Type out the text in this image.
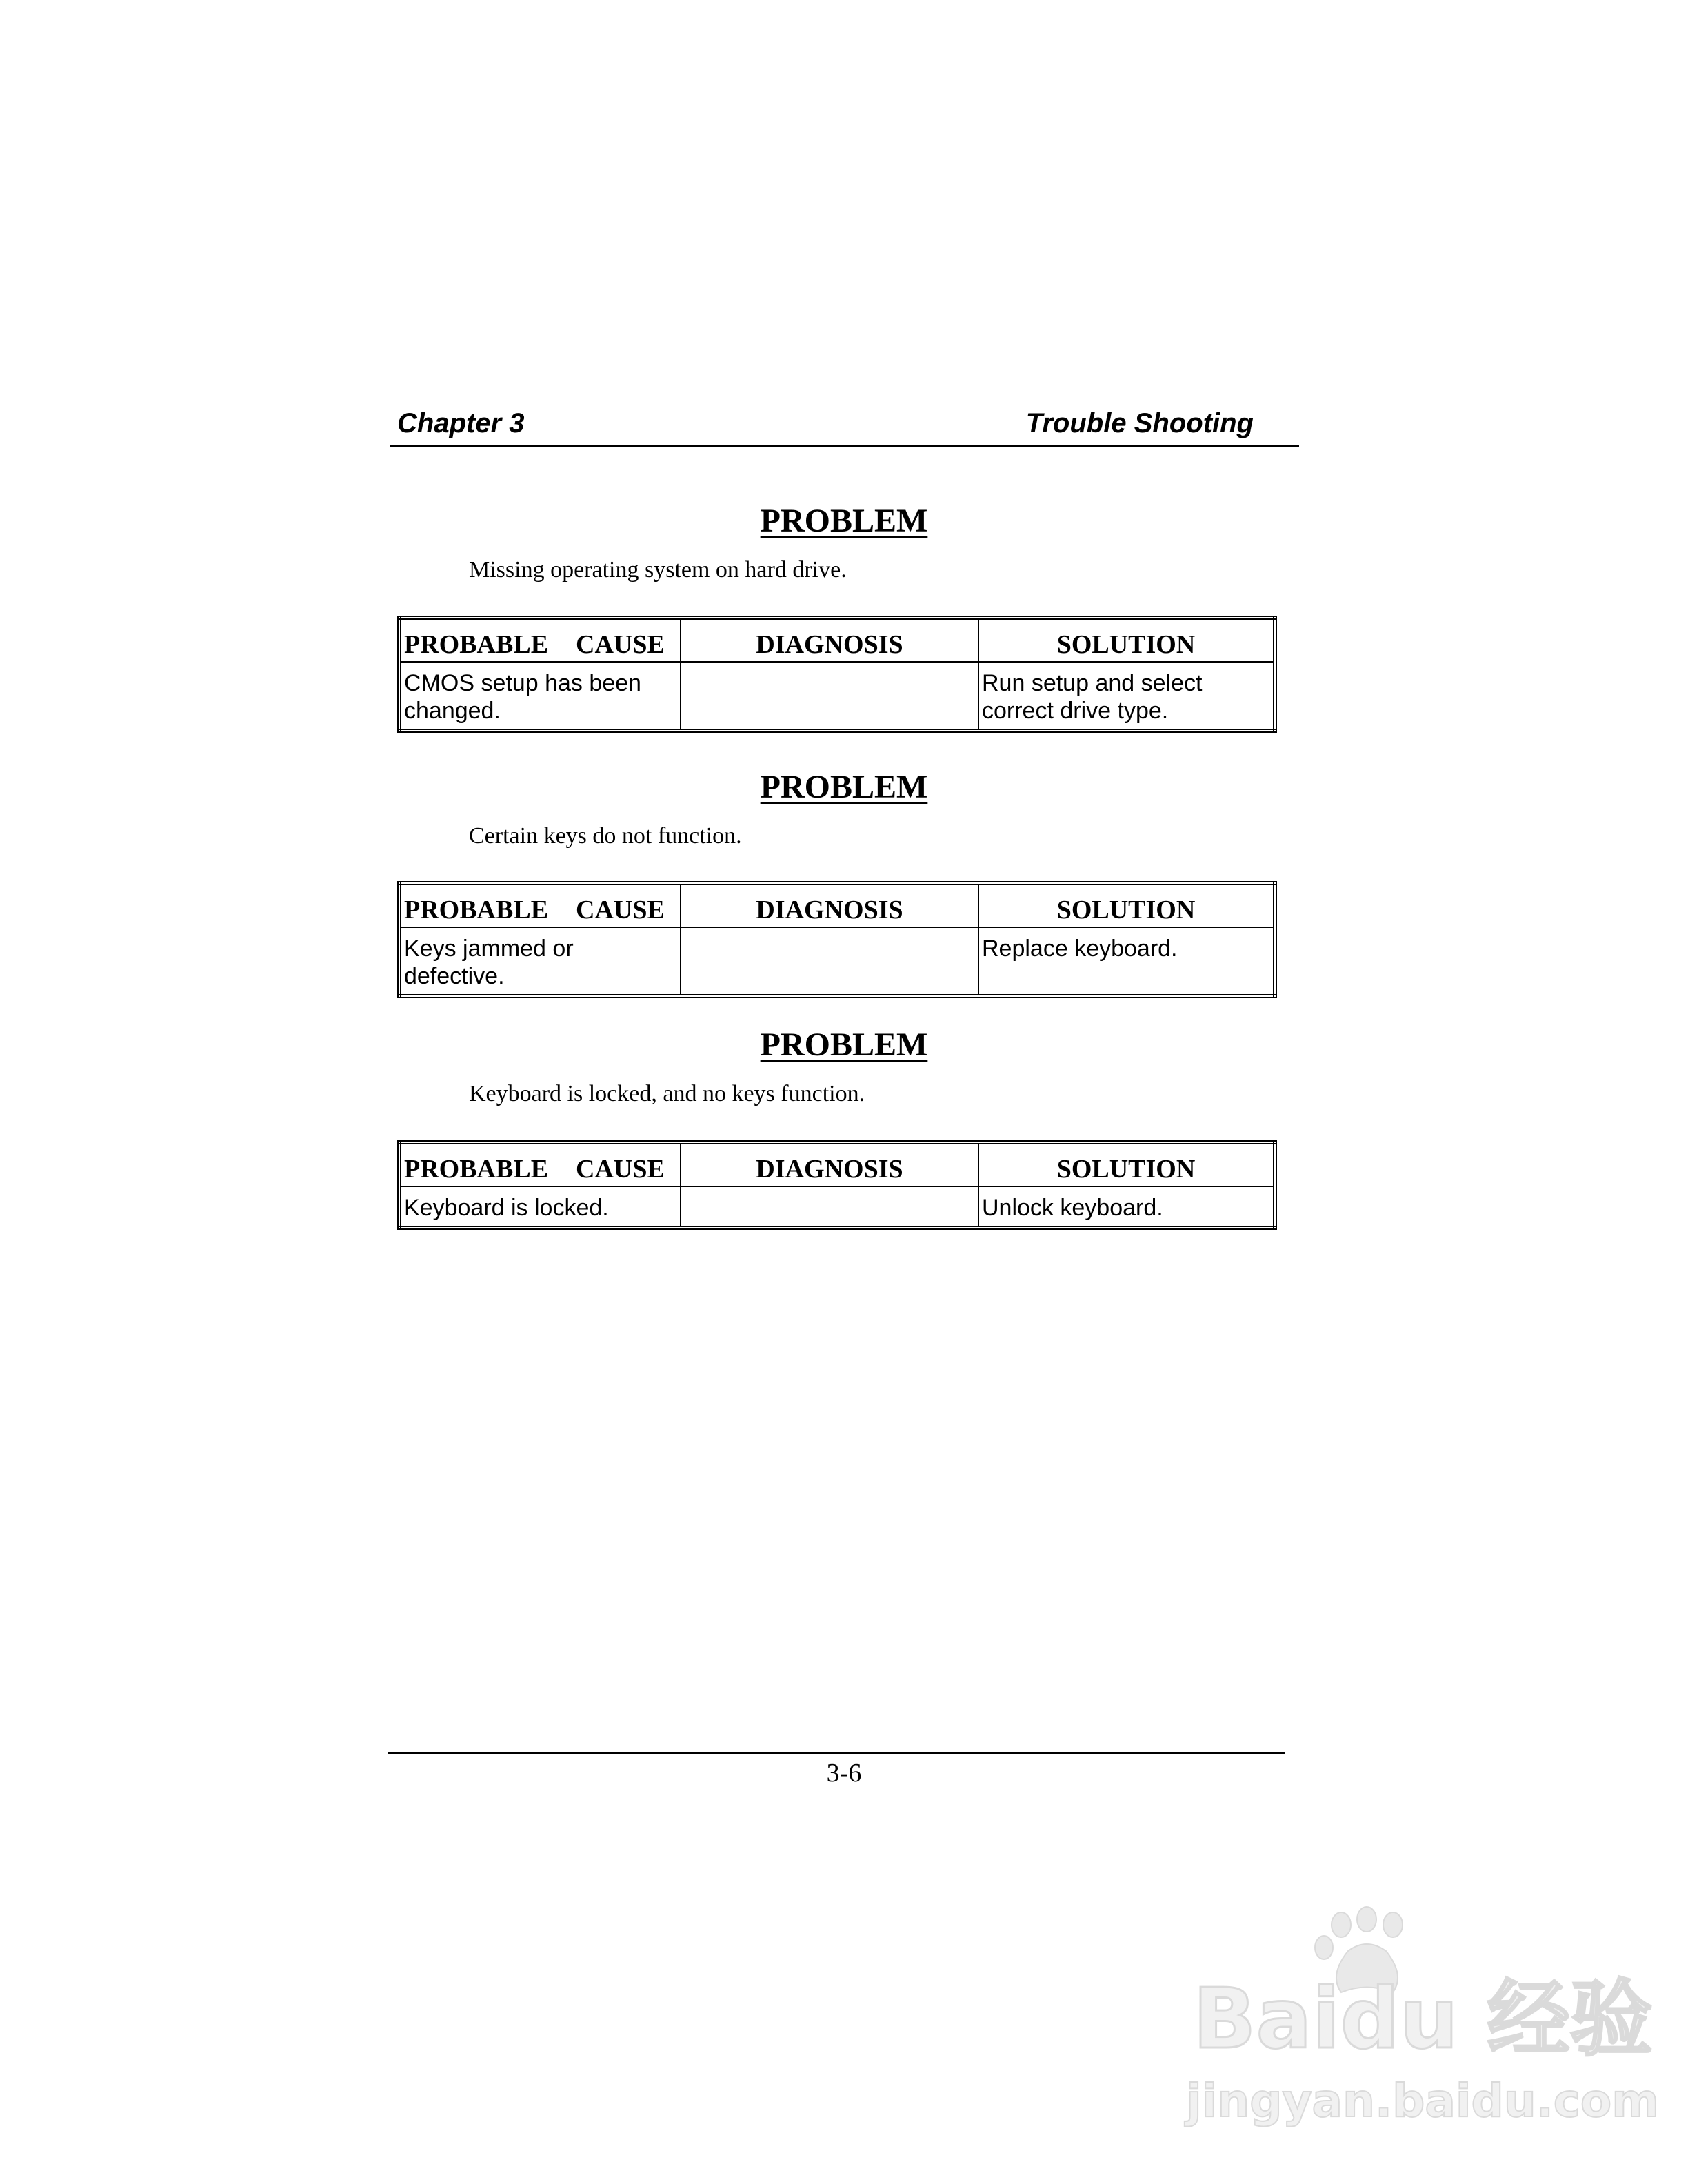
Chapter 3	Trouble Shooting
PROBLEM
Missing operating system on hard drive.
PROBABLE CAUSE	DIAGNOSIS	SOLUTION
CMOS setup has been
changed.		Run setup and select
correct drive type.
PROBLEM
Certain keys do not function.
PROBABLE CAUSE	DIAGNOSIS	SOLUTION
Keys jammed or
defective.		Replace keyboard.
PROBLEM
Keyboard is locked, and no keys function.
PROBABLE CAUSE	DIAGNOSIS	SOLUTION
Keyboard is locked.		Unlock keyboard.
3-6
Baidu 经验
jingyan.baidu.com
